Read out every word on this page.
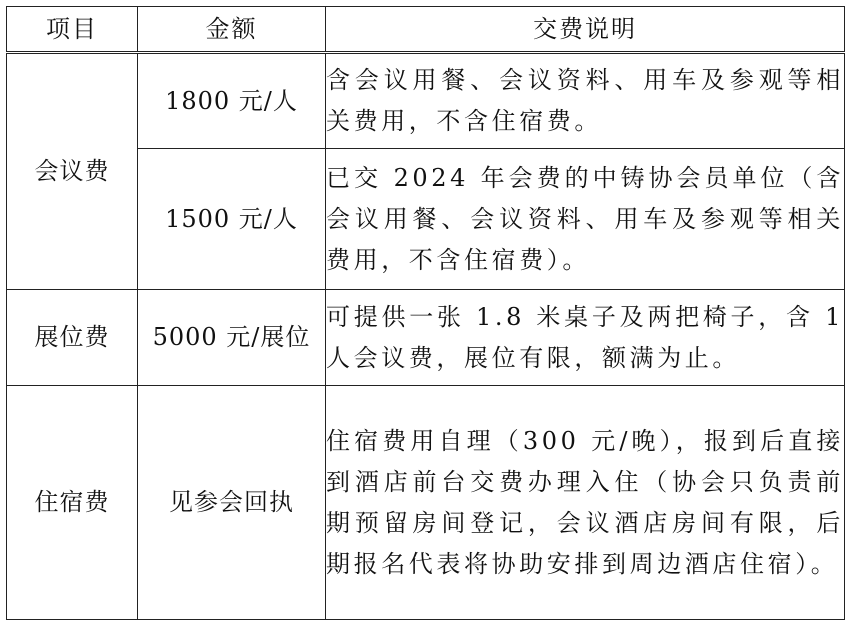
项目	金额	交费说明
会议费	1800 元/人	含会议用餐、会议资料、用车及参观等相关费用，不含住宿费。
	1500 元/人	已交 2024 年会费的中铸协会员单位（含会议用餐、会议资料、用车及参观等相关费用，不含住宿费）。
展位费	5000 元/展位	可提供一张 1.8 米桌子及两把椅子，含 1 人会议费，展位有限，额满为止。
住宿费	见参会回执	住宿费用自理（300 元/晚），报到后直接到酒店前台交费办理入住（协会只负责前期预留房间登记，会议酒店房间有限，后期报名代表将协助安排到周边酒店住宿）。
